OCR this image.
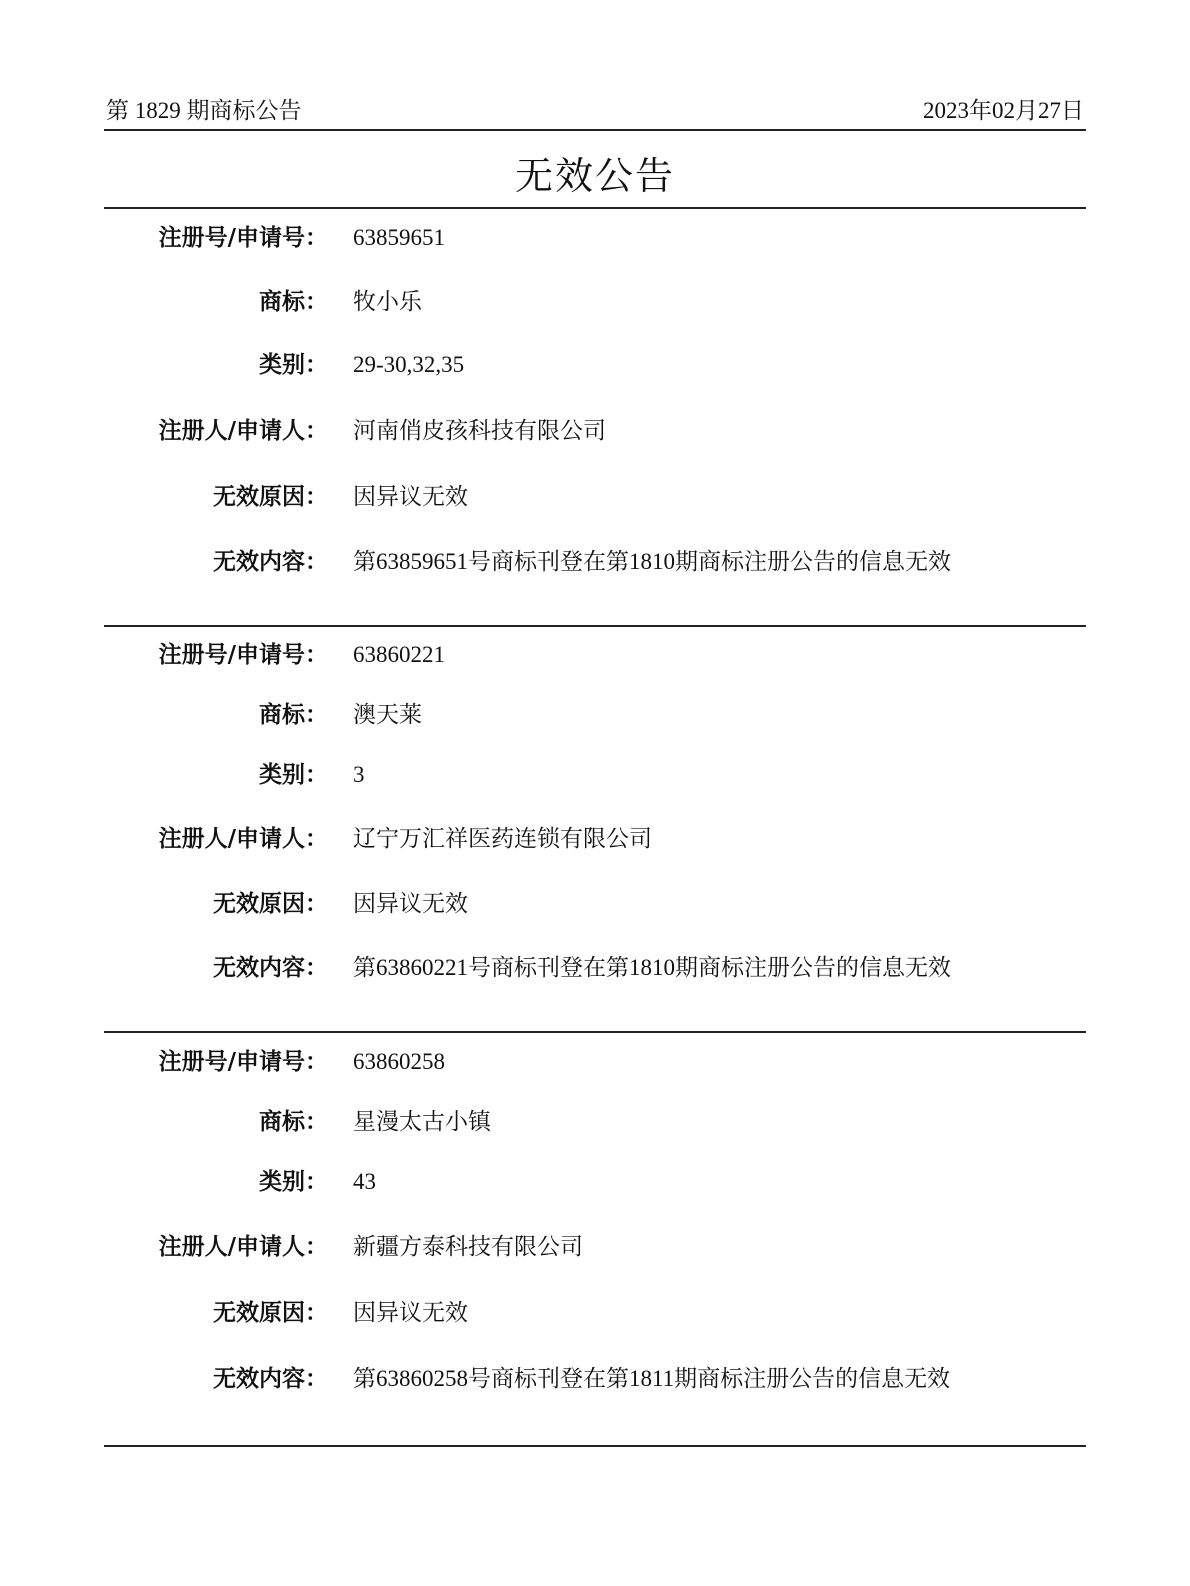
第 1829 期商标公告	2023年02月27日
无效公告
注册号/申请号： 63859651
商标： 牧小乐
类别： 29-30,32,35
注册人/申请人： 河南俏皮孩科技有限公司
无效原因： 因异议无效
无效内容： 第63859651号商标刊登在第1810期商标注册公告的信息无效
注册号/申请号： 63860221
商标： 澳天莱
类别： 3
注册人/申请人： 辽宁万汇祥医药连锁有限公司
无效原因： 因异议无效
无效内容： 第63860221号商标刊登在第1810期商标注册公告的信息无效
注册号/申请号： 63860258
商标： 星漫太古小镇
类别： 43
注册人/申请人： 新疆方泰科技有限公司
无效原因： 因异议无效
无效内容： 第63860258号商标刊登在第1811期商标注册公告的信息无效
